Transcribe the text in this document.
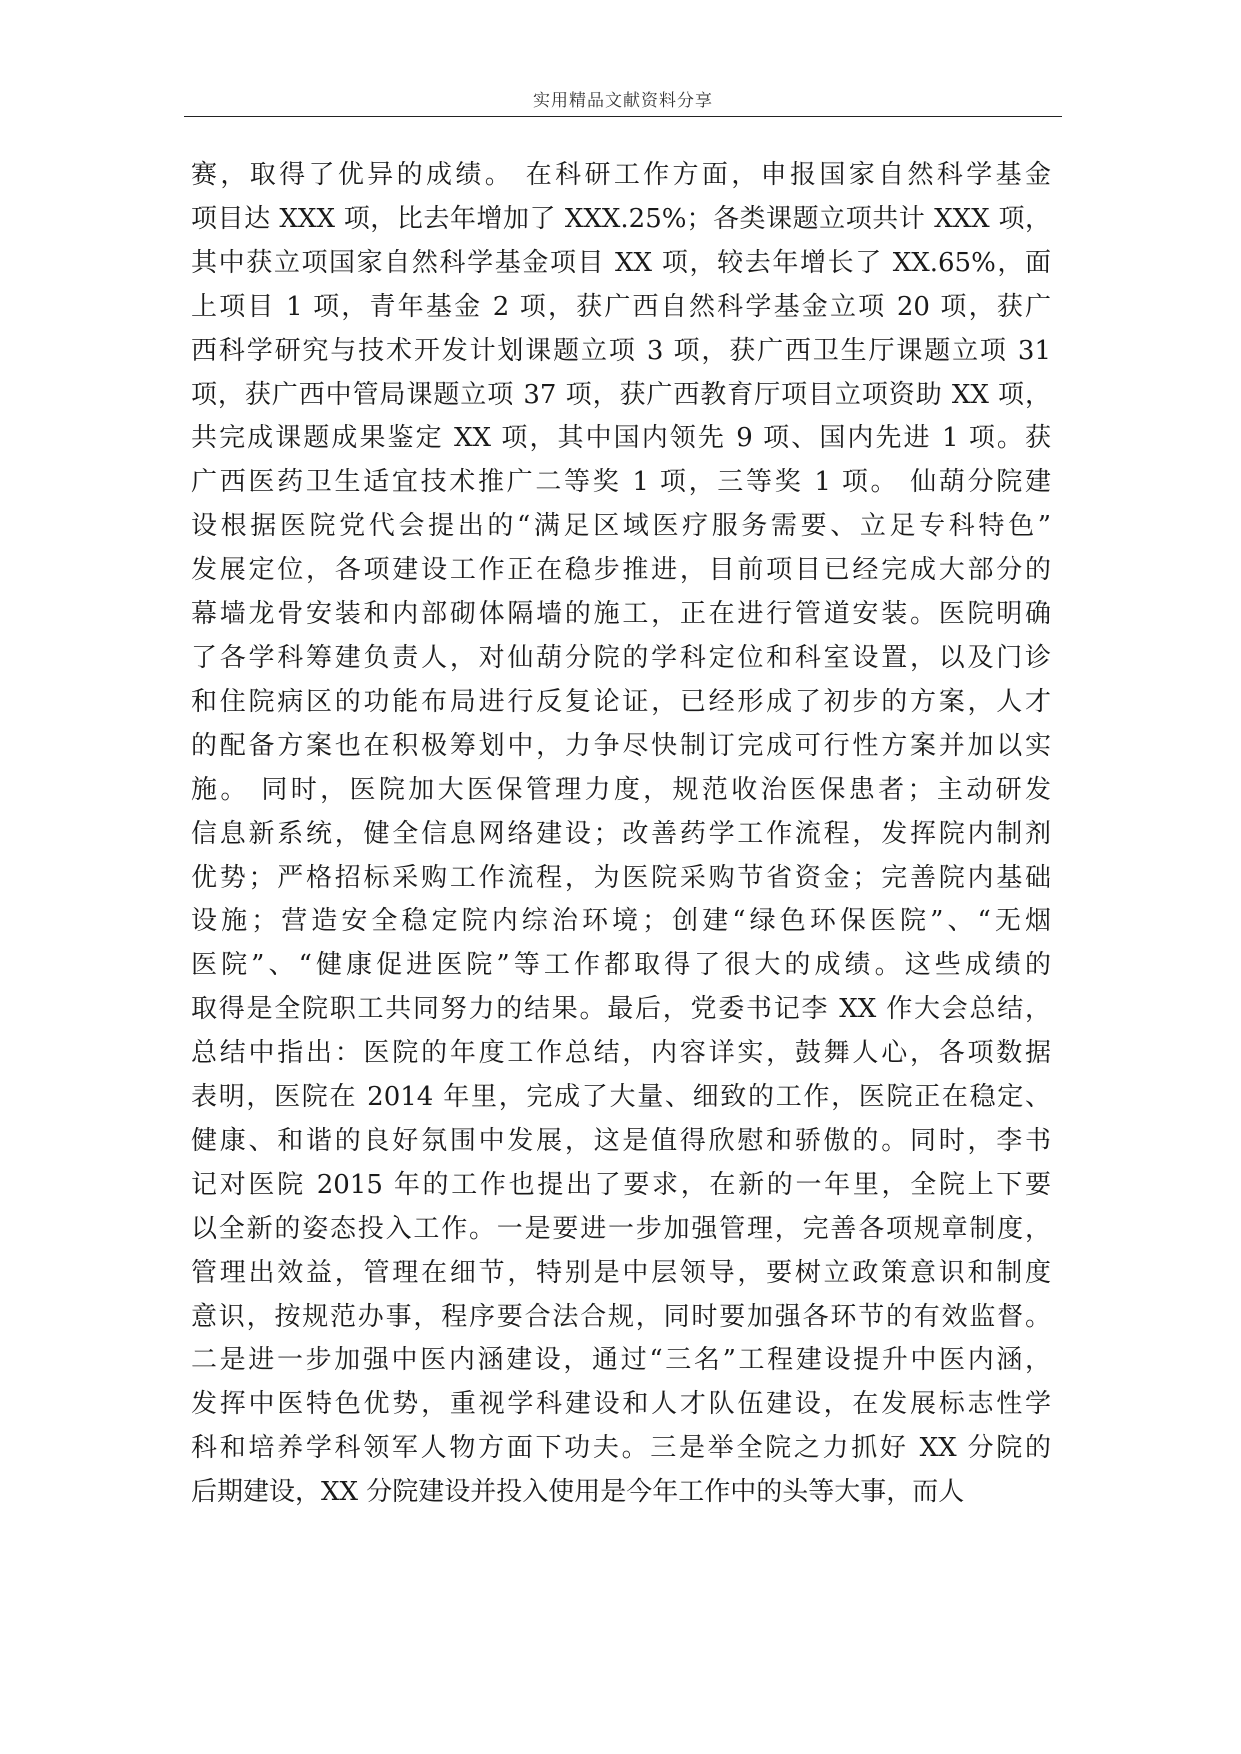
实用精品文献资料分享
赛，取得了优异的成绩。 在科研工作方面，申报国家自然科学基金
项目达 XXX 项，比去年增加了 XXX.25%；各类课题立项共计 XXX 项，
其中获立项国家自然科学基金项目 XX 项，较去年增长了 XX.65%，面
上项目 1 项，青年基金 2 项，获广西自然科学基金立项 20 项，获广
西科学研究与技术开发计划课题立项 3 项，获广西卫生厅课题立项 31
项，获广西中管局课题立项 37 项，获广西教育厅项目立项资助 XX 项，
共完成课题成果鉴定 XX 项，其中国内领先 9 项、国内先进 1 项。获
广西医药卫生适宜技术推广二等奖 1 项，三等奖 1 项。 仙葫分院建
设根据医院党代会提出的“满足区域医疗服务需要、立足专科特色”
发展定位，各项建设工作正在稳步推进，目前项目已经完成大部分的
幕墙龙骨安装和内部砌体隔墙的施工，正在进行管道安装。医院明确
了各学科筹建负责人，对仙葫分院的学科定位和科室设置，以及门诊
和住院病区的功能布局进行反复论证，已经形成了初步的方案，人才
的配备方案也在积极筹划中，力争尽快制订完成可行性方案并加以实
施。 同时，医院加大医保管理力度，规范收治医保患者；主动研发
信息新系统，健全信息网络建设；改善药学工作流程，发挥院内制剂
优势；严格招标采购工作流程，为医院采购节省资金；完善院内基础
设施；营造安全稳定院内综治环境；创建“绿色环保医院”、“无烟
医院”、“健康促进医院”等工作都取得了很大的成绩。这些成绩的
取得是全院职工共同努力的结果。最后，党委书记李 XX 作大会总结，
总结中指出：医院的年度工作总结，内容详实，鼓舞人心，各项数据
表明，医院在 2014 年里，完成了大量、细致的工作，医院正在稳定、
健康、和谐的良好氛围中发展，这是值得欣慰和骄傲的。同时，李书
记对医院 2015 年的工作也提出了要求，在新的一年里，全院上下要
以全新的姿态投入工作。一是要进一步加强管理，完善各项规章制度，
管理出效益，管理在细节，特别是中层领导，要树立政策意识和制度
意识，按规范办事，程序要合法合规，同时要加强各环节的有效监督。
二是进一步加强中医内涵建设，通过“三名”工程建设提升中医内涵，
发挥中医特色优势，重视学科建设和人才队伍建设，在发展标志性学
科和培养学科领军人物方面下功夫。三是举全院之力抓好 XX 分院的
后期建设，XX 分院建设并投入使用是今年工作中的头等大事，而人
